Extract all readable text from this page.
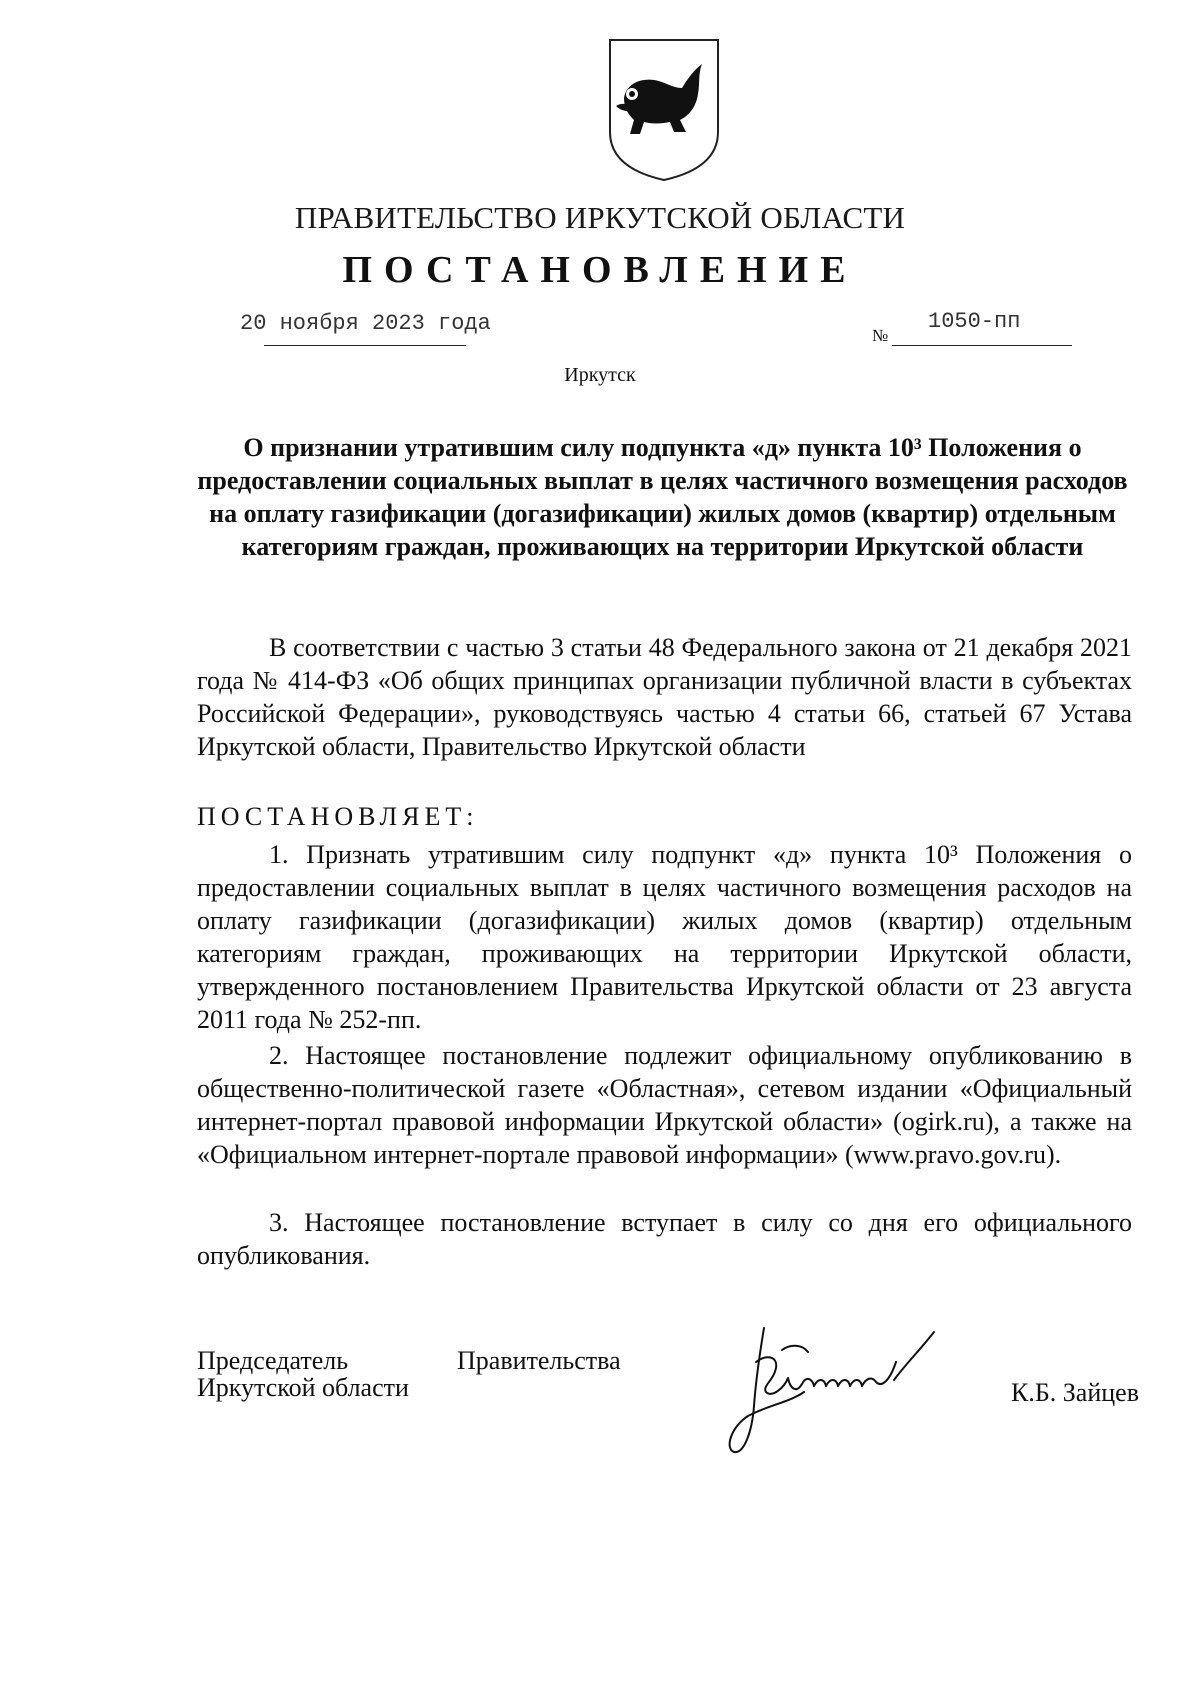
ПРАВИТЕЛЬСТВО ИРКУТСКОЙ ОБЛАСТИ
ПОСТАНОВЛЕНИЕ
20 ноября 2023 года	№
1050-пп
Иркутск
О признании утратившим силу подпункта «д» пункта 10³ Положения о предоставлении социальных выплат в целях частичного возмещения расходов на оплату газификации (догазификации) жилых домов (квартир) отдельным категориям граждан, проживающих на территории Иркутской области
В соответствии с частью 3 статьи 48 Федерального закона от 21 декабря 2021 года № 414-ФЗ «Об общих принципах организации публичной власти в субъектах Российской Федерации», руководствуясь частью 4 статьи 66, статьей 67 Устава Иркутской области, Правительство Иркутской области
ПОСТАНОВЛЯЕТ:
1. Признать утратившим силу подпункт «д» пункта 10³ Положения о предоставлении социальных выплат в целях частичного возмещения расходов на оплату газификации (догазификации) жилых домов (квартир) отдельным категориям граждан, проживающих на территории Иркутской области, утвержденного постановлением Правительства Иркутской области от 23 августа 2011 года № 252-пп.
2. Настоящее постановление подлежит официальному опубликованию в общественно-политической газете «Областная», сетевом издании «Официальный интернет-портал правовой информации Иркутской области» (ogirk.ru), а также на «Официальном интернет-портале правовой информации» (www.pravo.gov.ru).
3. Настоящее постановление вступает в силу со дня его официального опубликования.
Председатель	Правительства
Иркутской области	К.Б. Зайцев
